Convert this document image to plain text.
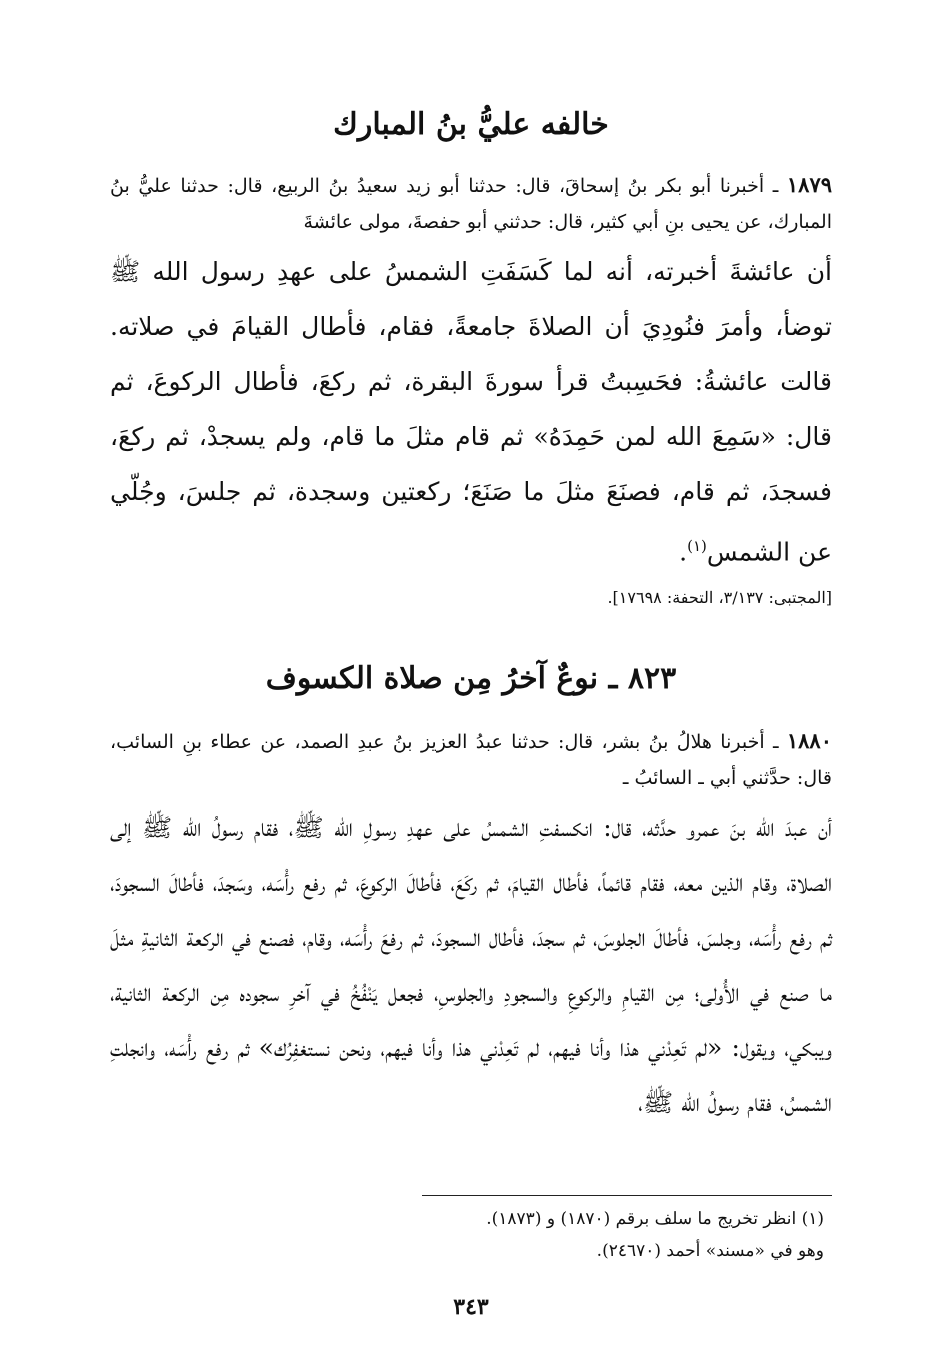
خالفه عليُّ بنُ المبارك

١٨٧٩ ـ أخبرنا أبو بكر بنُ إسحاقَ، قال: حدثنا أبو زيد سعيدُ بنُ الربيع، قال: حدثنا عليُّ بنُ المبارك، عن يحيى بنِ أبي كثير، قال: حدثني أبو حفصةَ، مولى عائشةَ

أن عائشةَ أخبرته، أنه لما كَسَفَتِ الشمسُ على عهدِ رسول الله ﷺ توضأ، وأمرَ فنُودِيَ أن الصلاةَ جامعةً، فقام، فأطال القيامَ في صلاته. قالت عائشةُ: فحَسِبتُ قرأ سورةَ البقرة، ثم ركعَ، فأطال الركوعَ، ثم قال: «سَمِعَ الله لمن حَمِدَهُ» ثم قام مثلَ ما قام، ولم يسجدْ، ثم ركعَ، فسجدَ، ثم قام، فصنَعَ مثلَ ما صَنَعَ؛ ركعتين وسجدة، ثم جلسَ، وجُلّي عن الشمس$^{(١)}$.

[المجتبى: ٣/١٣٧، التحفة: ١٧٦٩٨].

٨٢٣ ـ نوعٌ آخرُ مِن صلاة الكسوف

١٨٨٠ ـ أخبرنا هلالُ بنُ بشر، قال: حدثنا عبدُ العزيز بنُ عبدِ الصمد، عن عطاء بنِ السائب، قال: حدَّثني أبي ـ السائبُ ـ

أن عبدَ الله بنَ عمرو حدَّثه، قال: انكسفتِ الشمسُ على عهدِ رسولِ الله ﷺ، فقام رسولُ الله ﷺ إلى الصلاة، وقام الذين معه، فقام قائماً، فأطال القيامَ، ثم ركَعَ، فأطالَ الركوعَ، ثم رفع رأْسَه، وسَجدَ، فأطالَ السجودَ، ثم رفع رأْسَه، وجلسَ، فأطالَ الجلوسَ، ثم سجدَ، فأطال السجودَ، ثم رفعَ رأْسَه، وقام، فصنع في الركعة الثانيةِ مثلَ ما صنع في الأُولى؛ مِن القيامِ والركوعِ والسجودِ والجلوسِ، فجعل يَنْفُخُ في آخرِ سجوده مِن الركعة الثانية، ويبكي، ويقول: «لم تَعِدْني هذا وأنا فيهم، لم تَعِدْني هذا وأنا فيهم، ونحن نستغفِرُك» ثم رفع رأْسَه، وانجلتِ الشمسُ، فقام رسولُ الله ﷺ،

(١) انظر تخريج ما سلف برقم (١٨٧٠) و (١٨٧٣).

وهو في «مسند» أحمد (٢٤٦٧٠).

٣٤٣
